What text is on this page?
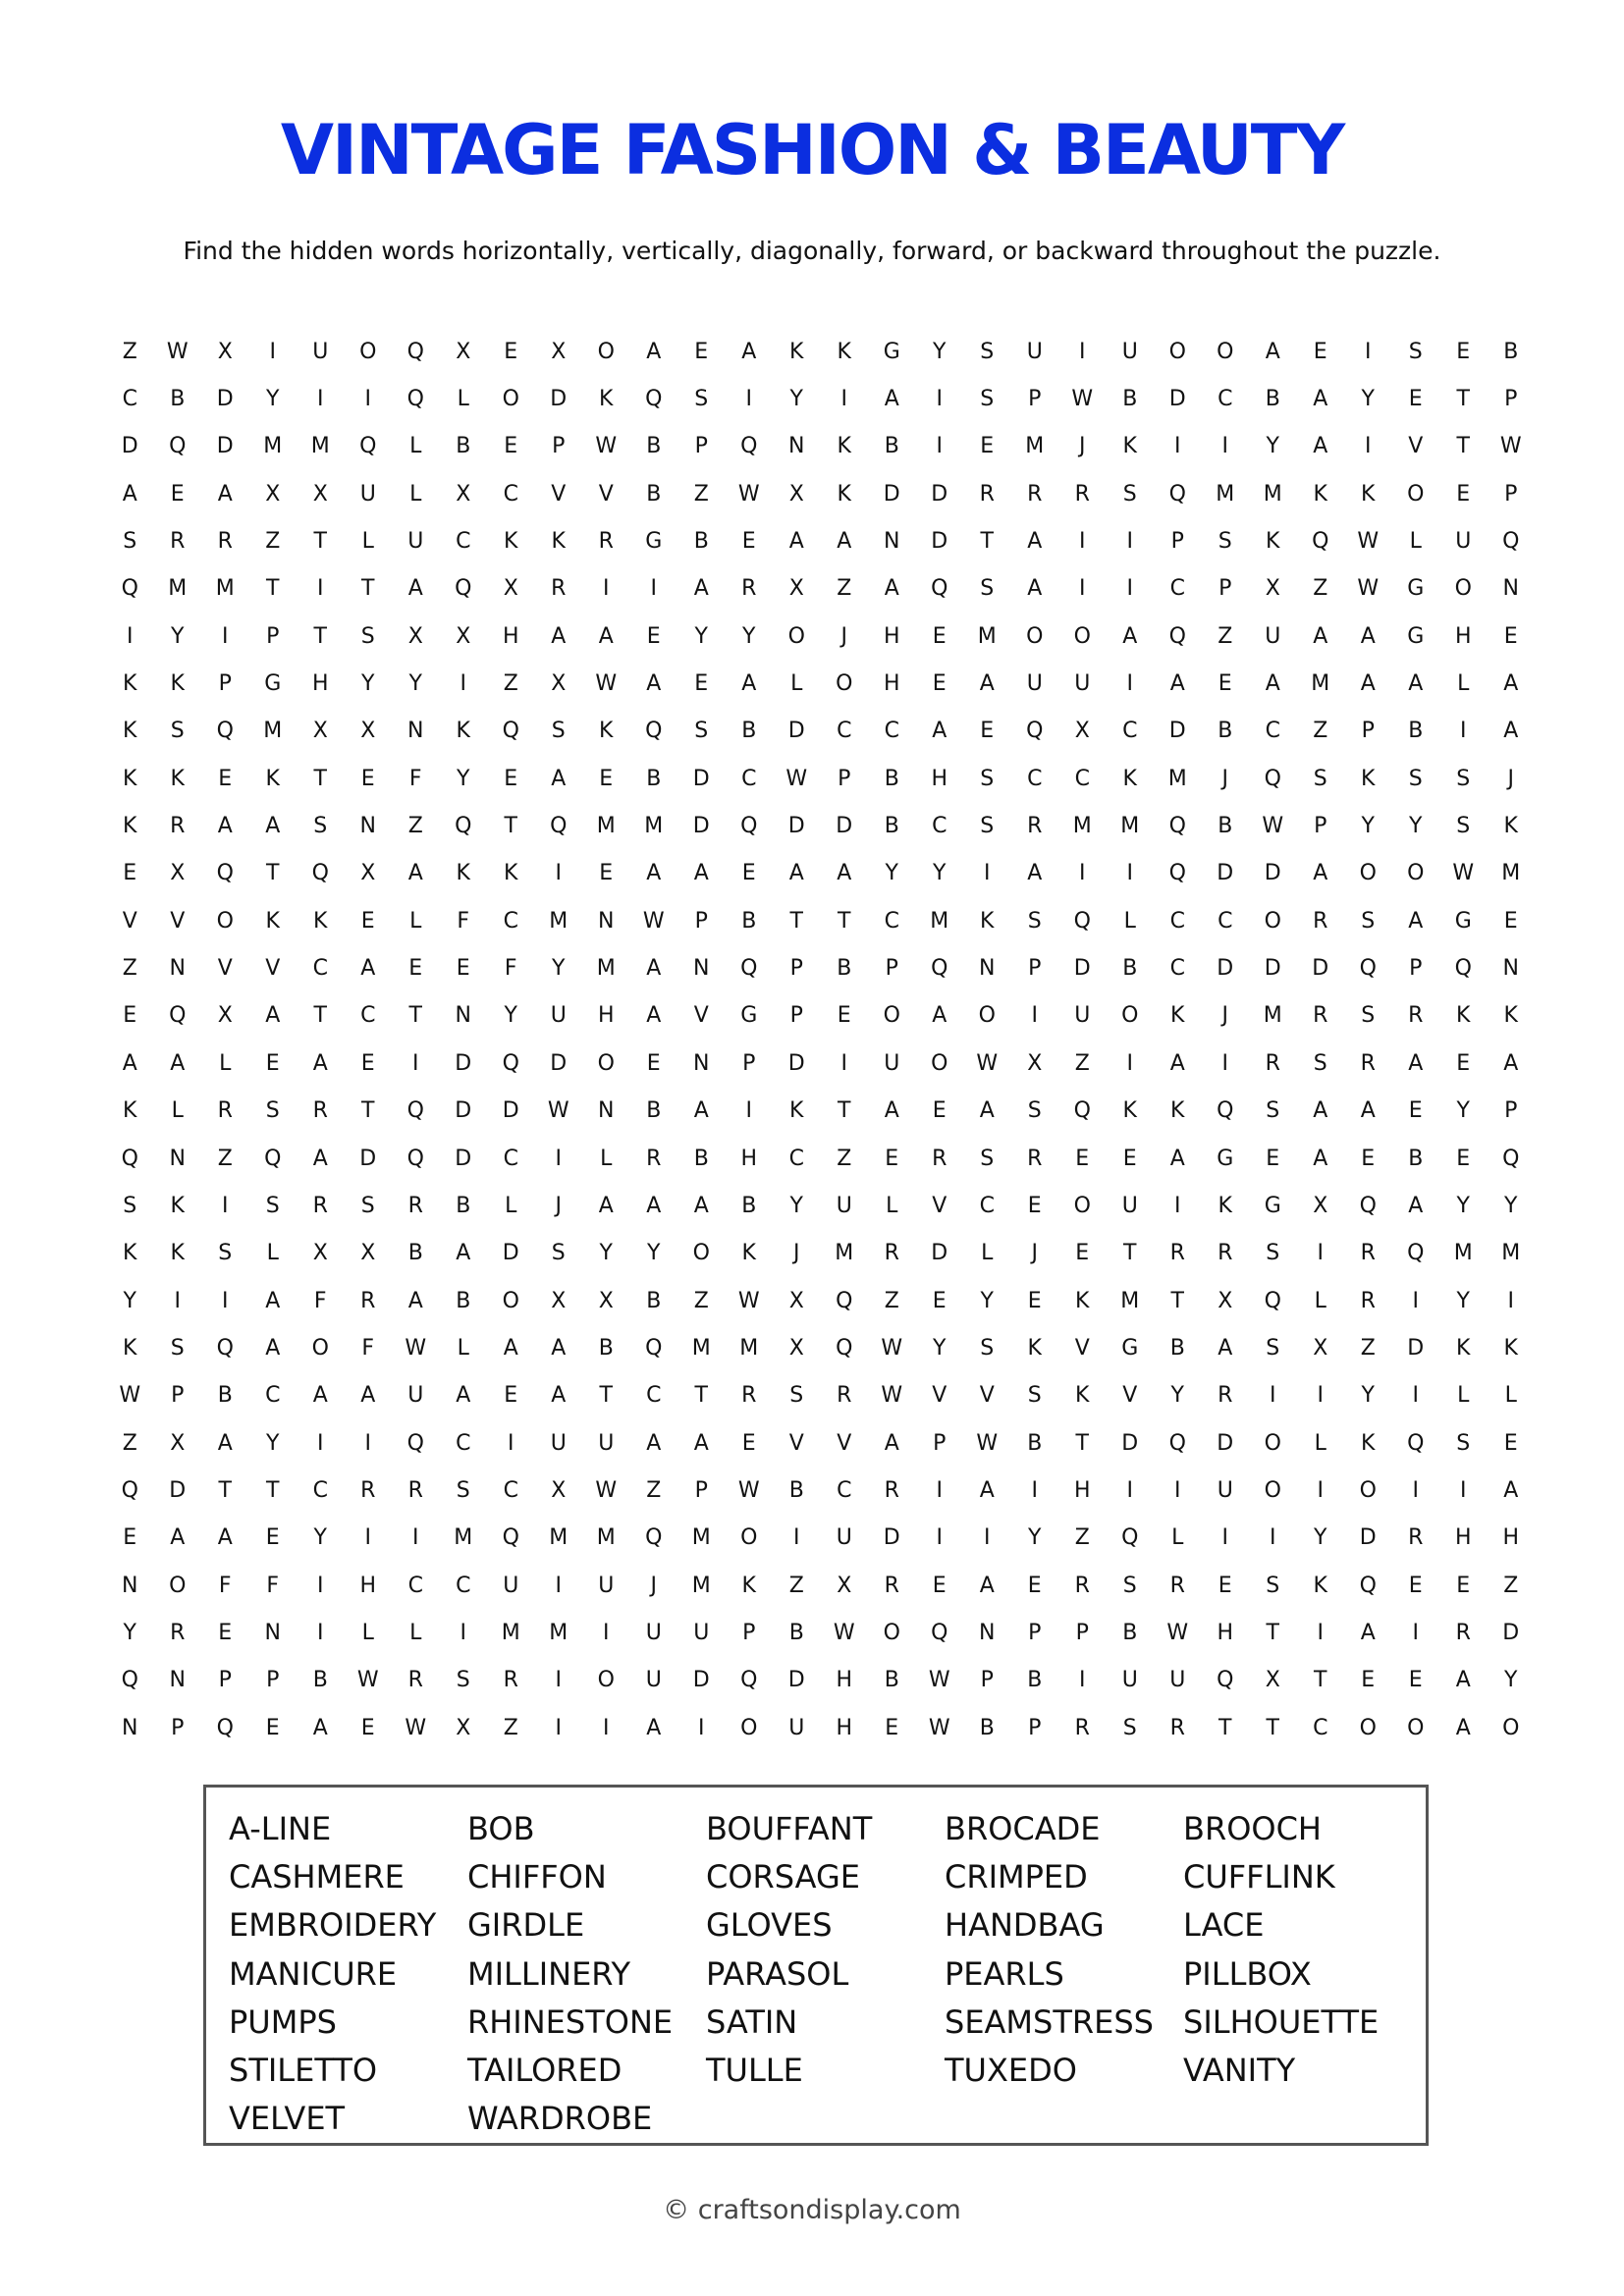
VINTAGE FASHION & BEAUTY
Find the hidden words horizontally, vertically, diagonally, forward, or backward throughout the puzzle.
Z	W	X	I	U	O	Q	X	E	X	O	A	E	A	K	K	G	Y	S	U	I	U	O	O	A	E	I	S	E	B
C	B	D	Y	I	I	Q	L	O	D	K	Q	S	I	Y	I	A	I	S	P	W	B	D	C	B	A	Y	E	T	P
D	Q	D	M	M	Q	L	B	E	P	W	B	P	Q	N	K	B	I	E	M	J	K	I	I	Y	A	I	V	T	W
A	E	A	X	X	U	L	X	C	V	V	B	Z	W	X	K	D	D	R	R	R	S	Q	M	M	K	K	O	E	P
S	R	R	Z	T	L	U	C	K	K	R	G	B	E	A	A	N	D	T	A	I	I	P	S	K	Q	W	L	U	Q
Q	M	M	T	I	T	A	Q	X	R	I	I	A	R	X	Z	A	Q	S	A	I	I	C	P	X	Z	W	G	O	N
I	Y	I	P	T	S	X	X	H	A	A	E	Y	Y	O	J	H	E	M	O	O	A	Q	Z	U	A	A	G	H	E
K	K	P	G	H	Y	Y	I	Z	X	W	A	E	A	L	O	H	E	A	U	U	I	A	E	A	M	A	A	L	A
K	S	Q	M	X	X	N	K	Q	S	K	Q	S	B	D	C	C	A	E	Q	X	C	D	B	C	Z	P	B	I	A
K	K	E	K	T	E	F	Y	E	A	E	B	D	C	W	P	B	H	S	C	C	K	M	J	Q	S	K	S	S	J
K	R	A	A	S	N	Z	Q	T	Q	M	M	D	Q	D	D	B	C	S	R	M	M	Q	B	W	P	Y	Y	S	K
E	X	Q	T	Q	X	A	K	K	I	E	A	A	E	A	A	Y	Y	I	A	I	I	Q	D	D	A	O	O	W	M
V	V	O	K	K	E	L	F	C	M	N	W	P	B	T	T	C	M	K	S	Q	L	C	C	O	R	S	A	G	E
Z	N	V	V	C	A	E	E	F	Y	M	A	N	Q	P	B	P	Q	N	P	D	B	C	D	D	D	Q	P	Q	N
E	Q	X	A	T	C	T	N	Y	U	H	A	V	G	P	E	O	A	O	I	U	O	K	J	M	R	S	R	K	K
A	A	L	E	A	E	I	D	Q	D	O	E	N	P	D	I	U	O	W	X	Z	I	A	I	R	S	R	A	E	A
K	L	R	S	R	T	Q	D	D	W	N	B	A	I	K	T	A	E	A	S	Q	K	K	Q	S	A	A	E	Y	P
Q	N	Z	Q	A	D	Q	D	C	I	L	R	B	H	C	Z	E	R	S	R	E	E	A	G	E	A	E	B	E	Q
S	K	I	S	R	S	R	B	L	J	A	A	A	B	Y	U	L	V	C	E	O	U	I	K	G	X	Q	A	Y	Y
K	K	S	L	X	X	B	A	D	S	Y	Y	O	K	J	M	R	D	L	J	E	T	R	R	S	I	R	Q	M	M
Y	I	I	A	F	R	A	B	O	X	X	B	Z	W	X	Q	Z	E	Y	E	K	M	T	X	Q	L	R	I	Y	I
K	S	Q	A	O	F	W	L	A	A	B	Q	M	M	X	Q	W	Y	S	K	V	G	B	A	S	X	Z	D	K	K
W	P	B	C	A	A	U	A	E	A	T	C	T	R	S	R	W	V	V	S	K	V	Y	R	I	I	Y	I	L	L
Z	X	A	Y	I	I	Q	C	I	U	U	A	A	E	V	V	A	P	W	B	T	D	Q	D	O	L	K	Q	S	E
Q	D	T	T	C	R	R	S	C	X	W	Z	P	W	B	C	R	I	A	I	H	I	I	U	O	I	O	I	I	A
E	A	A	E	Y	I	I	M	Q	M	M	Q	M	O	I	U	D	I	I	Y	Z	Q	L	I	I	Y	D	R	H	H
N	O	F	F	I	H	C	C	U	I	U	J	M	K	Z	X	R	E	A	E	R	S	R	E	S	K	Q	E	E	Z
Y	R	E	N	I	L	L	I	M	M	I	U	U	P	B	W	O	Q	N	P	P	B	W	H	T	I	A	I	R	D
Q	N	P	P	B	W	R	S	R	I	O	U	D	Q	D	H	B	W	P	B	I	U	U	Q	X	T	E	E	A	Y
N	P	Q	E	A	E	W	X	Z	I	I	A	I	O	U	H	E	W	B	P	R	S	R	T	T	C	O	O	A	O
A-LINE	BOB	BOUFFANT	BROCADE	BROOCH
CASHMERE	CHIFFON	CORSAGE	CRIMPED	CUFFLINK
EMBROIDERY GIRDLE	GLOVES	HANDBAG	LACE
MANICURE	MILLINERY	PARASOL	PEARLS	PILLBOX
PUMPS	RHINESTONE	SATIN	SEAMSTRESS SILHOUETTE
STILETTO	TAILORED	TULLE	TUXEDO	VANITY
VELVET	WARDROBE
© craftsondisplay.com
